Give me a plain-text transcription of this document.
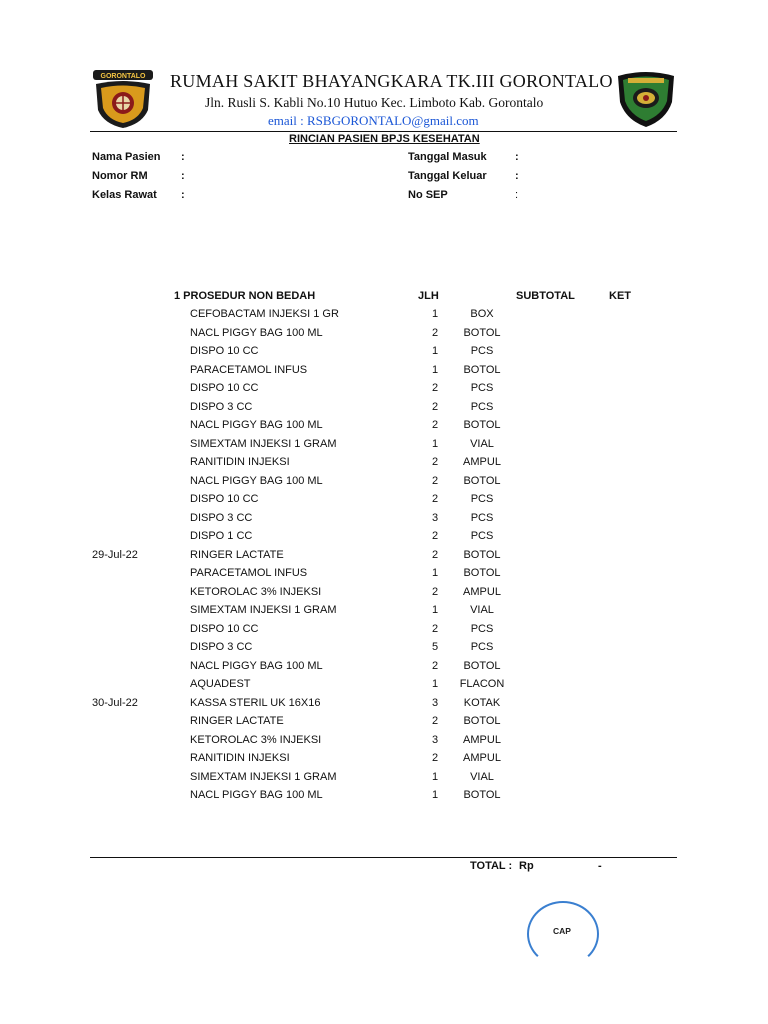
GORONTALO RUMAH SAKIT BHAYANGKARA TK.III GORONTALO
Jln. Rusli S. Kabli No.10 Hutuo Kec. Limboto Kab. Gorontalo
email : RSBGORONTALO@gmail.com
RINCIAN PASIEN BPJS KESEHATAN
Nama Pasien :
Nomor RM	:
Kelas Rawat :
Tanggal Masuk	:
Tanggal Keluar	:
No SEP	:
1 PROSEDUR NON BEDAH	JLH	SUBTOTAL	KET
CEFOBACTAM INJEKSI 1 GR	1	BOX
NACL PIGGY BAG 100 ML	2	BOTOL
DISPO 10 CC	1	PCS
PARACETAMOL INFUS	1	BOTOL
DISPO 10 CC	2	PCS
DISPO 3 CC	2	PCS
NACL PIGGY BAG 100 ML	2	BOTOL
SIMEXTAM INJEKSI 1 GRAM	1	VIAL
RANITIDIN INJEKSI	2	AMPUL
NACL PIGGY BAG 100 ML	2	BOTOL
DISPO 10 CC	2	PCS
DISPO 3 CC	3	PCS
DISPO 1 CC	2	PCS
29-Jul-22	RINGER LACTATE	2	BOTOL
PARACETAMOL INFUS	1	BOTOL
KETOROLAC 3% INJEKSI	2	AMPUL
SIMEXTAM INJEKSI 1 GRAM	1	VIAL
DISPO 10 CC	2	PCS
DISPO 3 CC	5	PCS
NACL PIGGY BAG 100 ML	2	BOTOL
AQUADEST	1	FLACON
30-Jul-22	KASSA STERIL UK 16X16	3	KOTAK
RINGER LACTATE	2	BOTOL
KETOROLAC 3% INJEKSI	3	AMPUL
RANITIDIN INJEKSI	2	AMPUL
SIMEXTAM INJEKSI 1 GRAM	1	VIAL
NACL PIGGY BAG 100 ML	1	BOTOL
TOTAL : Rp	-
CAP
